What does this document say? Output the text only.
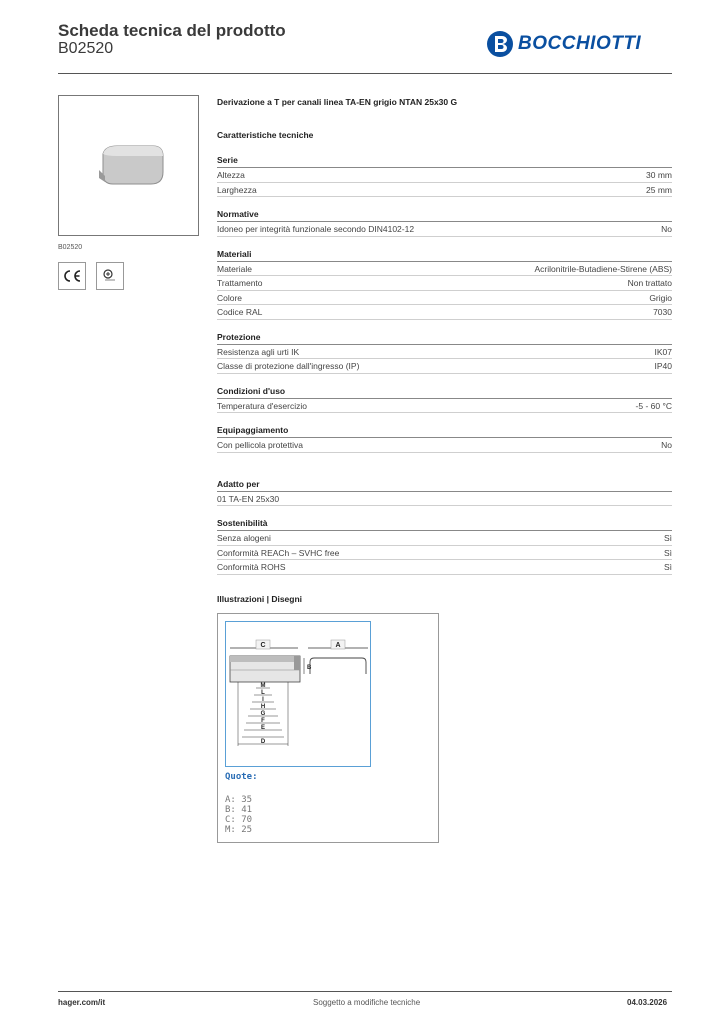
Scheda tecnica del prodotto
B02520	BOCCHIOTTI
B02520
Derivazione a T per canali linea TA-EN grigio NTAN 25x30 G
Caratteristiche tecniche
Serie
Altezza	30 mm
Larghezza	25 mm
Normative
Idoneo per integrità funzionale secondo DIN4102-12	No
Materiali
Materiale	Acrilonitrile-Butadiene-Stirene (ABS)
Trattamento	Non trattato
Colore	Grigio
Codice RAL	7030
Protezione
Resistenza agli urti IK	IK07
Classe di protezione dall'ingresso (IP)	IP40
Condizioni d'uso
Temperatura d'esercizio	-5 - 60 °C
Equipaggiamento
Con pellicola protettiva	No
Adatto per
01 TA-EN 25x30
Sostenibilità
Senza alogeni	Sì
Conformità REACh – SVHC free	Sì
Conformità ROHS	Sì
Illustrazioni | Disegni
C	A
B
M
L
I
H
G
F
E
D
Quote:
A: 35
B: 41
C: 70
M: 25
hager.com/it	Soggetto a modifiche tecniche	04.03.2026
